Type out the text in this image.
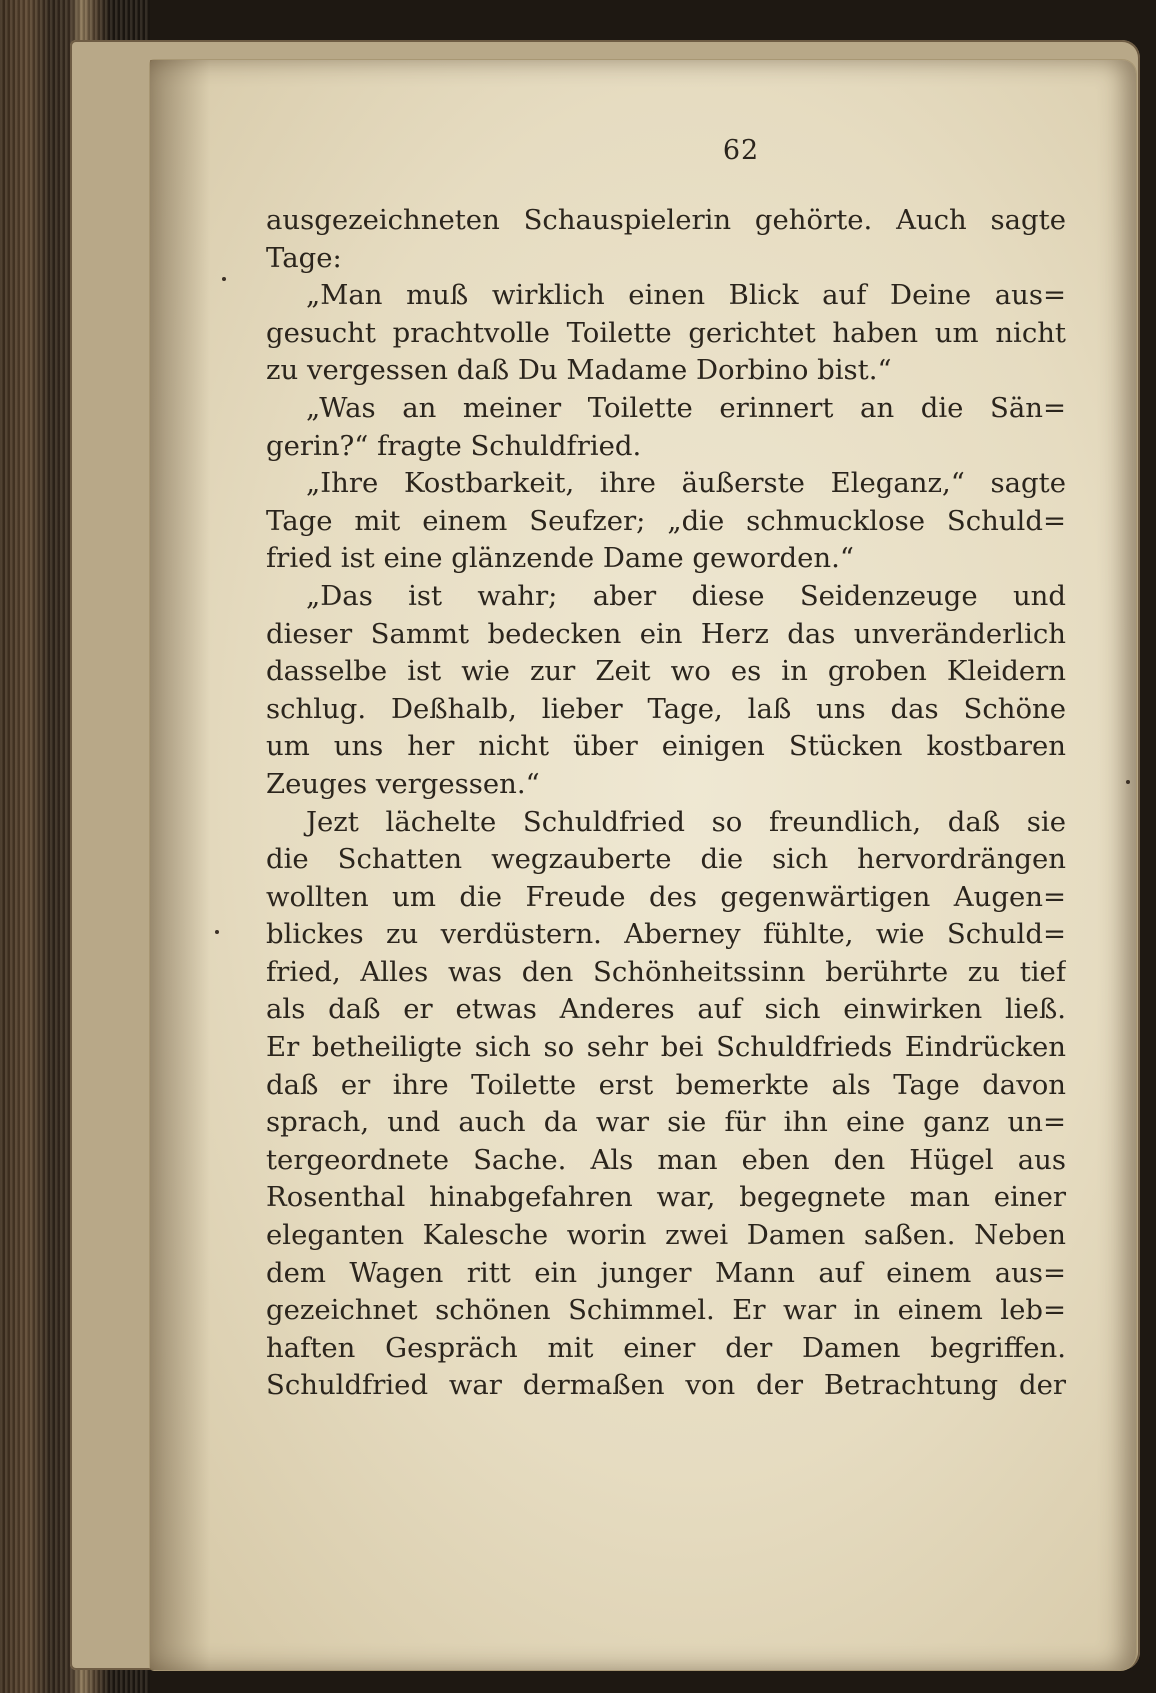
62
ausgezeichneten Schauspielerin gehörte. Auch sagte
Tage:
„Man muß wirklich einen Blick auf Deine aus=
gesucht prachtvolle Toilette gerichtet haben um nicht
zu vergessen daß Du Madame Dorbino bist.“
„Was an meiner Toilette erinnert an die Sän=
gerin?“ fragte Schuldfried.
„Ihre Kostbarkeit, ihre äußerste Eleganz,“ sagte
Tage mit einem Seufzer; „die schmucklose Schuld=
fried ist eine glänzende Dame geworden.“
„Das ist wahr; aber diese Seidenzeuge und
dieser Sammt bedecken ein Herz das unveränderlich
dasselbe ist wie zur Zeit wo es in groben Kleidern
schlug. Deßhalb, lieber Tage, laß uns das Schöne
um uns her nicht über einigen Stücken kostbaren
Zeuges vergessen.“
Jezt lächelte Schuldfried so freundlich, daß sie
die Schatten wegzauberte die sich hervordrängen
wollten um die Freude des gegenwärtigen Augen=
blickes zu verdüstern. Aberney fühlte, wie Schuld=
fried, Alles was den Schönheitssinn berührte zu tief
als daß er etwas Anderes auf sich einwirken ließ.
Er betheiligte sich so sehr bei Schuldfrieds Eindrücken
daß er ihre Toilette erst bemerkte als Tage davon
sprach, und auch da war sie für ihn eine ganz un=
tergeordnete Sache. Als man eben den Hügel aus
Rosenthal hinabgefahren war, begegnete man einer
eleganten Kalesche worin zwei Damen saßen. Neben
dem Wagen ritt ein junger Mann auf einem aus=
gezeichnet schönen Schimmel. Er war in einem leb=
haften Gespräch mit einer der Damen begriffen.
Schuldfried war dermaßen von der Betrachtung der
